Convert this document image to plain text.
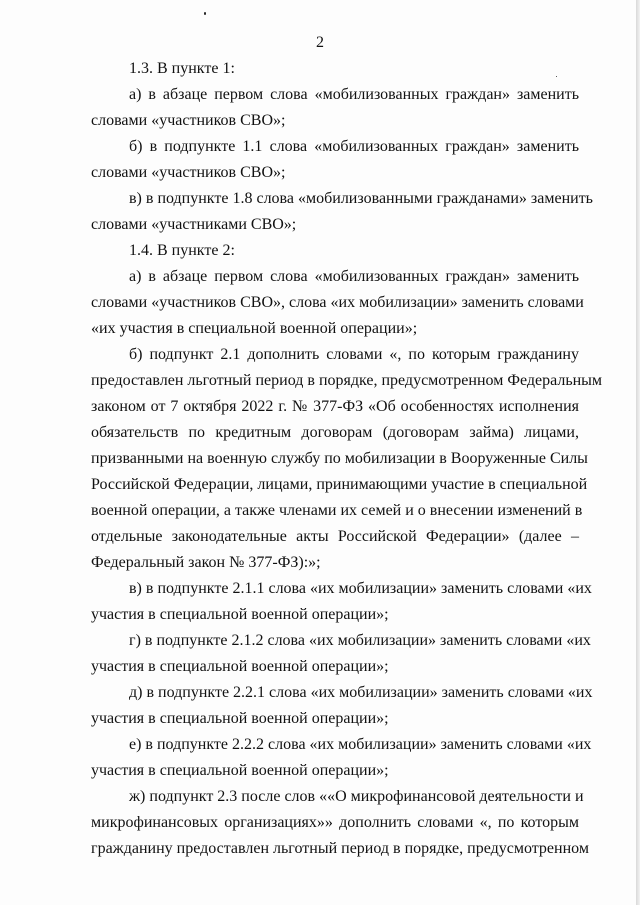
2
1.3. В пункте 1:
а) в абзаце первом слова «мобилизованных граждан» заменить
словами «участников СВО»;
б) в подпункте 1.1 слова «мобилизованных граждан» заменить
словами «участников СВО»;
в) в подпункте 1.8 слова «мобилизованными гражданами» заменить
словами «участниками СВО»;
1.4. В пункте 2:
а) в абзаце первом слова «мобилизованных граждан» заменить
словами «участников СВО», слова «их мобилизации» заменить словами
«их участия в специальной военной операции»;
б) подпункт 2.1 дополнить словами «, по которым гражданину
предоставлен льготный период в порядке, предусмотренном Федеральным
законом от 7 октября 2022 г. № 377-ФЗ «Об особенностях исполнения
обязательств по кредитным договорам (договорам займа) лицами,
призванными на военную службу по мобилизации в Вооруженные Силы
Российской Федерации, лицами, принимающими участие в специальной
военной операции, а также членами их семей и о внесении изменений в
отдельные законодательные акты Российской Федерации» (далее –
Федеральный закон № 377-ФЗ):»;
в) в подпункте 2.1.1 слова «их мобилизации» заменить словами «их
участия в специальной военной операции»;
г) в подпункте 2.1.2 слова «их мобилизации» заменить словами «их
участия в специальной военной операции»;
д) в подпункте 2.2.1 слова «их мобилизации» заменить словами «их
участия в специальной военной операции»;
е) в подпункте 2.2.2 слова «их мобилизации» заменить словами «их
участия в специальной военной операции»;
ж) подпункт 2.3 после слов ««О микрофинансовой деятельности и
микрофинансовых организациях»» дополнить словами «, по которым
гражданину предоставлен льготный период в порядке, предусмотренном
